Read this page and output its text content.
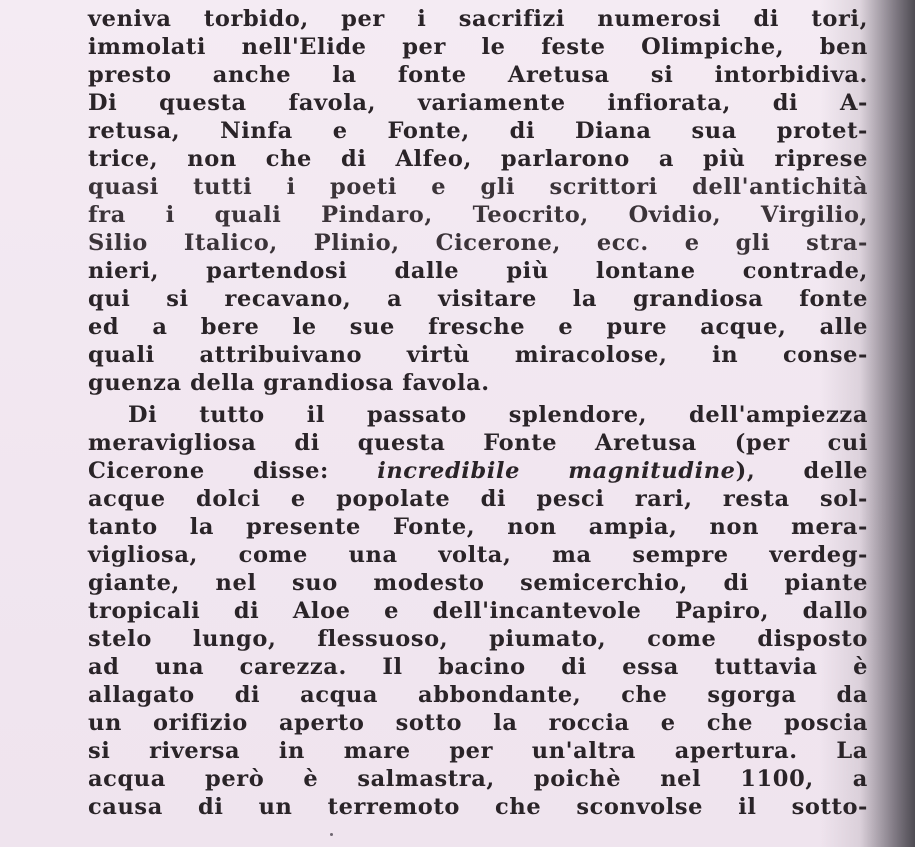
veniva torbido, per i sacrifizi numerosi di tori,
immolati nell'Elide per le feste Olimpiche, ben
presto anche la fonte Aretusa si intorbidiva.
Di questa favola, variamente infiorata, di A-
retusa, Ninfa e Fonte, di Diana sua protet-
trice, non che di Alfeo, parlarono a più riprese
quasi tutti i poeti e gli scrittori dell'antichità
fra i quali Pindaro, Teocrito, Ovidio, Virgilio,
Silio Italico, Plinio, Cicerone, ecc. e gli stra-
nieri, partendosi dalle più lontane contrade,
qui si recavano, a visitare la grandiosa fonte
ed a bere le sue fresche e pure acque, alle
quali attribuivano virtù miracolose, in conse-
guenza della grandiosa favola.
Di tutto il passato splendore, dell'ampiezza
meravigliosa di questa Fonte Aretusa (per cui
Cicerone disse: incredibile magnitudine), delle
acque dolci e popolate di pesci rari, resta sol-
tanto la presente Fonte, non ampia, non mera-
vigliosa, come una volta, ma sempre verdeg-
giante, nel suo modesto semicerchio, di piante
tropicali di Aloe e dell'incantevole Papiro, dallo
stelo lungo, flessuoso, piumato, come disposto
ad una carezza. Il bacino di essa tuttavia è
allagato di acqua abbondante, che sgorga da
un orifizio aperto sotto la roccia e che poscia
si riversa in mare per un'altra apertura. La
acqua però è salmastra, poichè nel 1100, a
causa di un terremoto che sconvolse il sotto-
